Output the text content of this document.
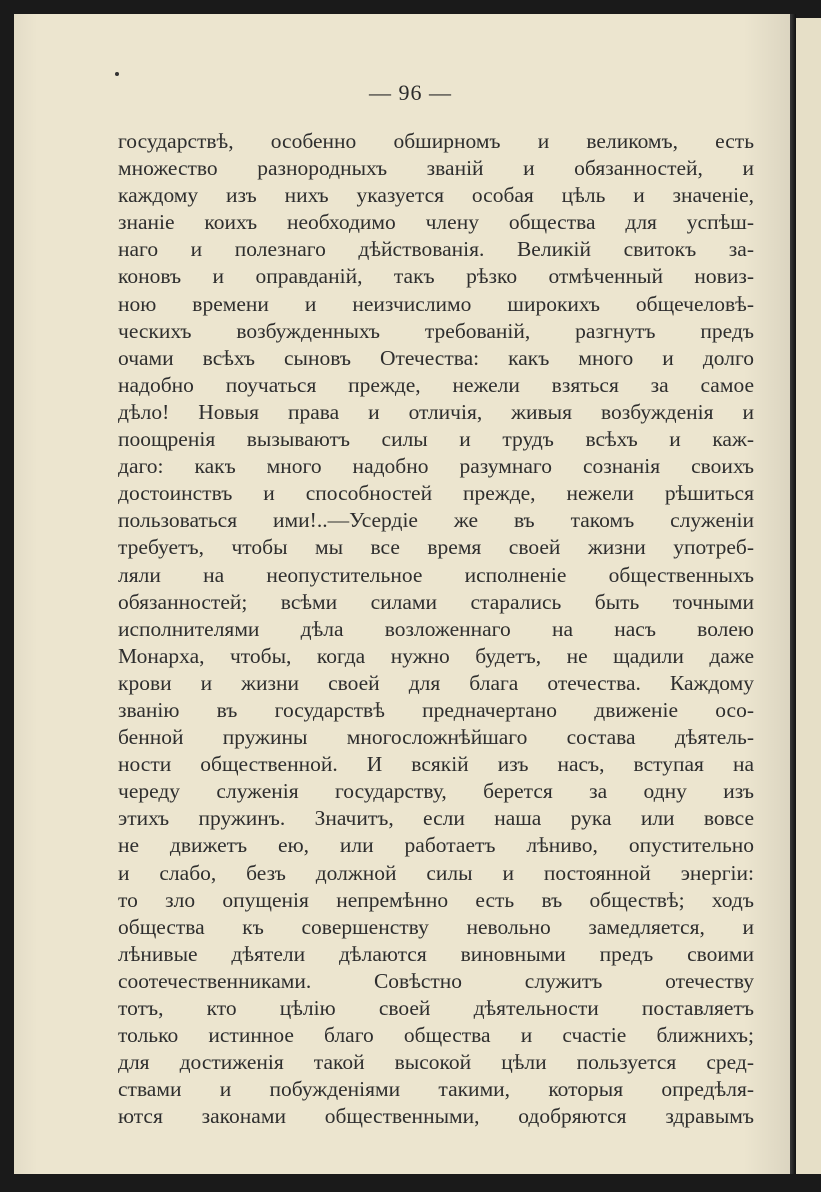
— 96 —
государствѣ, особенно обширномъ и великомъ, есть
множество разнородныхъ званій и обязанностей, и
каждому изъ нихъ указуется особая цѣль и значеніе,
знаніе коихъ необходимо члену общества для успѣш-
наго и полезнаго дѣйствованія. Великій свитокъ за-
коновъ и оправданій, такъ рѣзко отмѣченный новиз-
ною времени и неизчислимо широкихъ общечеловѣ-
ческихъ возбужденныхъ требованій, разгнутъ предъ
очами всѣхъ сыновъ Отечества: какъ много и долго
надобно поучаться прежде, нежели взяться за самое
дѣло! Новыя права и отличія, живыя возбужденія и
поощренія вызываютъ силы и трудъ всѣхъ и каж-
даго: какъ много надобно разумнаго сознанія своихъ
достоинствъ и способностей прежде, нежели рѣшиться
пользоваться ими!..—Усердіе же въ такомъ служеніи
требуетъ, чтобы мы все время своей жизни употреб-
ляли на неопустительное исполненіе общественныхъ
обязанностей; всѣми силами старались быть точными
исполнителями дѣла возложеннаго на насъ волею
Монарха, чтобы, когда нужно будетъ, не щадили даже
крови и жизни своей для блага отечества. Каждому
званію въ государствѣ предначертано движеніе осо-
бенной пружины многосложнѣйшаго состава дѣятель-
ности общественной. И всякій изъ насъ, вступая на
череду служенія государству, берется за одну изъ
этихъ пружинъ. Значитъ, если наша рука или вовсе
не движетъ ею, или работаетъ лѣниво, опустительно
и слабо, безъ должной силы и постоянной энергіи:
то зло опущенія непремѣнно есть въ обществѣ; ходъ
общества къ совершенству невольно замедляется, и
лѣнивые дѣятели дѣлаются виновными предъ своими
соотечественниками. Совѣстно служитъ отечеству
тотъ, кто цѣлію своей дѣятельности поставляетъ
только истинное благо общества и счастіе ближнихъ;
для достиженія такой высокой цѣли пользуется сред-
ствами и побужденіями такими, которыя опредѣля-
ются законами общественными, одобряются здравымъ
